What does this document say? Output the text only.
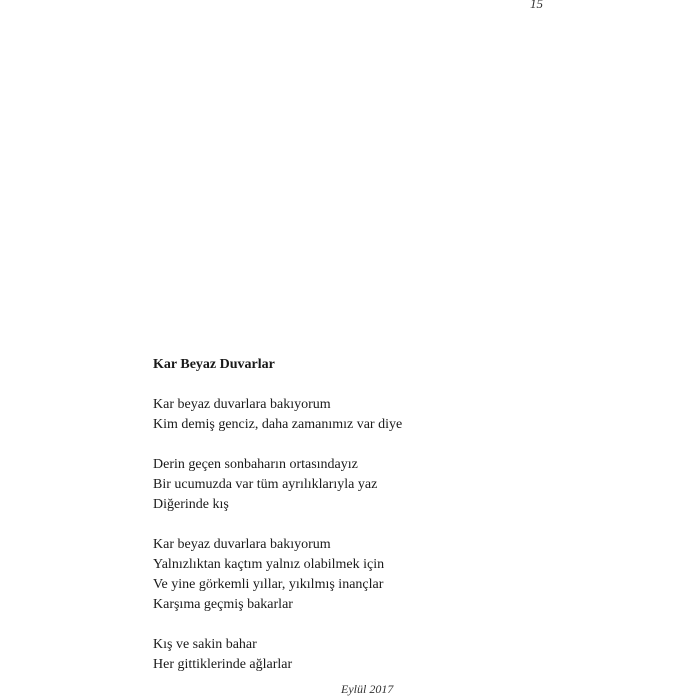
15
Kar Beyaz Duvarlar
Kar beyaz duvarlara bakıyorum
Kim demiş genciz, daha zamanımız var diye
Derin geçen sonbaharın ortasındayız
Bir ucumuzda var tüm ayrılıklarıyla yaz
Diğerinde kış
Kar beyaz duvarlara bakıyorum
Yalnızlıktan kaçtım yalnız olabilmek için
Ve yine görkemli yıllar, yıkılmış inançlar
Karşıma geçmiş bakarlar
Kış ve sakin bahar
Her gittiklerinde ağlarlar
Eylül 2017
